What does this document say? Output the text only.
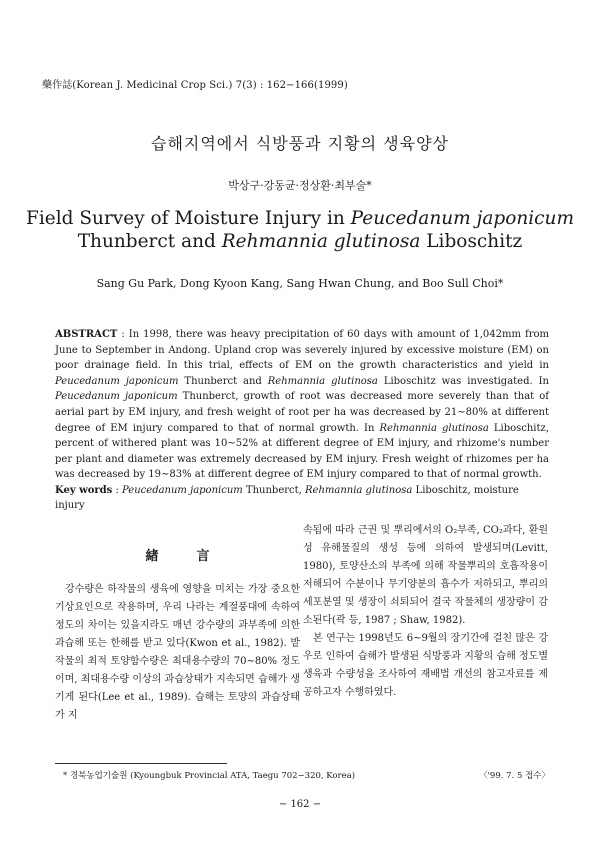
藥作誌(Korean J. Medicinal Crop Sci.) 7(3) : 162−166(1999)

습해지역에서 식방풍과 지황의 생육양상

박상구·강동균·정상환·최부술*

Field Survey of Moisture Injury in Peucedanum japonicum
Thunberct and Rehmannia glutinosa Liboschitz

Sang Gu Park, Dong Kyoon Kang, Sang Hwan Chung, and Boo Sull Choi*

ABSTRACT : In 1998, there was heavy precipitation of 60 days with amount of 1,042mm from June to September in Andong. Upland crop was severely injured by excessive moisture (EM) on poor drainage field. In this trial, effects of EM on the growth characteristics and yield in Peucedanum japonicum Thunberct and Rehmannia glutinosa Liboschitz was investigated. In Peucedanum japonicum Thunberct, growth of root was decreased more severely than that of aerial part by EM injury, and fresh weight of root per ha was decreased by 21∼80% at different degree of EM injury compared to that of normal growth. In Rehmannia glutinosa Liboschitz, percent of withered plant was 10∼52% at different degree of EM injury, and rhizome's number per plant and diameter was extremely decreased by EM injury. Fresh weight of rhizomes per ha was decreased by 19∼83% at different degree of EM injury compared to that of normal growth.

Key words : Peucedanum japonicum Thunberct, Rehmannia glutinosa Liboschitz, moisture injury

緖言

강수량은 하작물의 생육에 영향을 미치는 가장 중요한 기상요인으로 작용하며, 우리 나라는 계절풍대에 속하여 정도의 차이는 있을지라도 매년 강수량의 과부족에 의한 과습해 또는 한해를 받고 있다(Kwon et al., 1982). 밭작물의 최적 토양함수량은 최대용수량의 70∼80% 정도이며, 최대용수량 이상의 과습상태가 지속되면 습해가 생기게 된다(Lee et al., 1989). 습해는 토양의 과습상태가 지

속됨에 따라 근권 및 뿌리에서의 O₂부족, CO₂과다, 환원성 유해물질의 생성 등에 의하여 발생되며(Levitt, 1980), 토양산소의 부족에 의해 작물뿌리의 호흡작용이 저해되어 수분이나 무기양분의 흡수가 저하되고, 뿌리의 세포분열 및 생장이 쇠퇴되어 결국 작물체의 생장량이 감소된다(곽 등, 1987 ; Shaw, 1982).

본 연구는 1998년도 6∼9월의 장기간에 걸친 많은 강우로 인하여 습해가 발생된 식방풍과 지황의 습해 정도별 생육과 수량성을 조사하여 재배법 개선의 참고자료를 제공하고자 수행하였다.

* 경북농업기술원 (Kyoungbuk Provincial ATA, Taegu 702−320, Korea)	〈'99. 7. 5 접수〉

− 162 −
